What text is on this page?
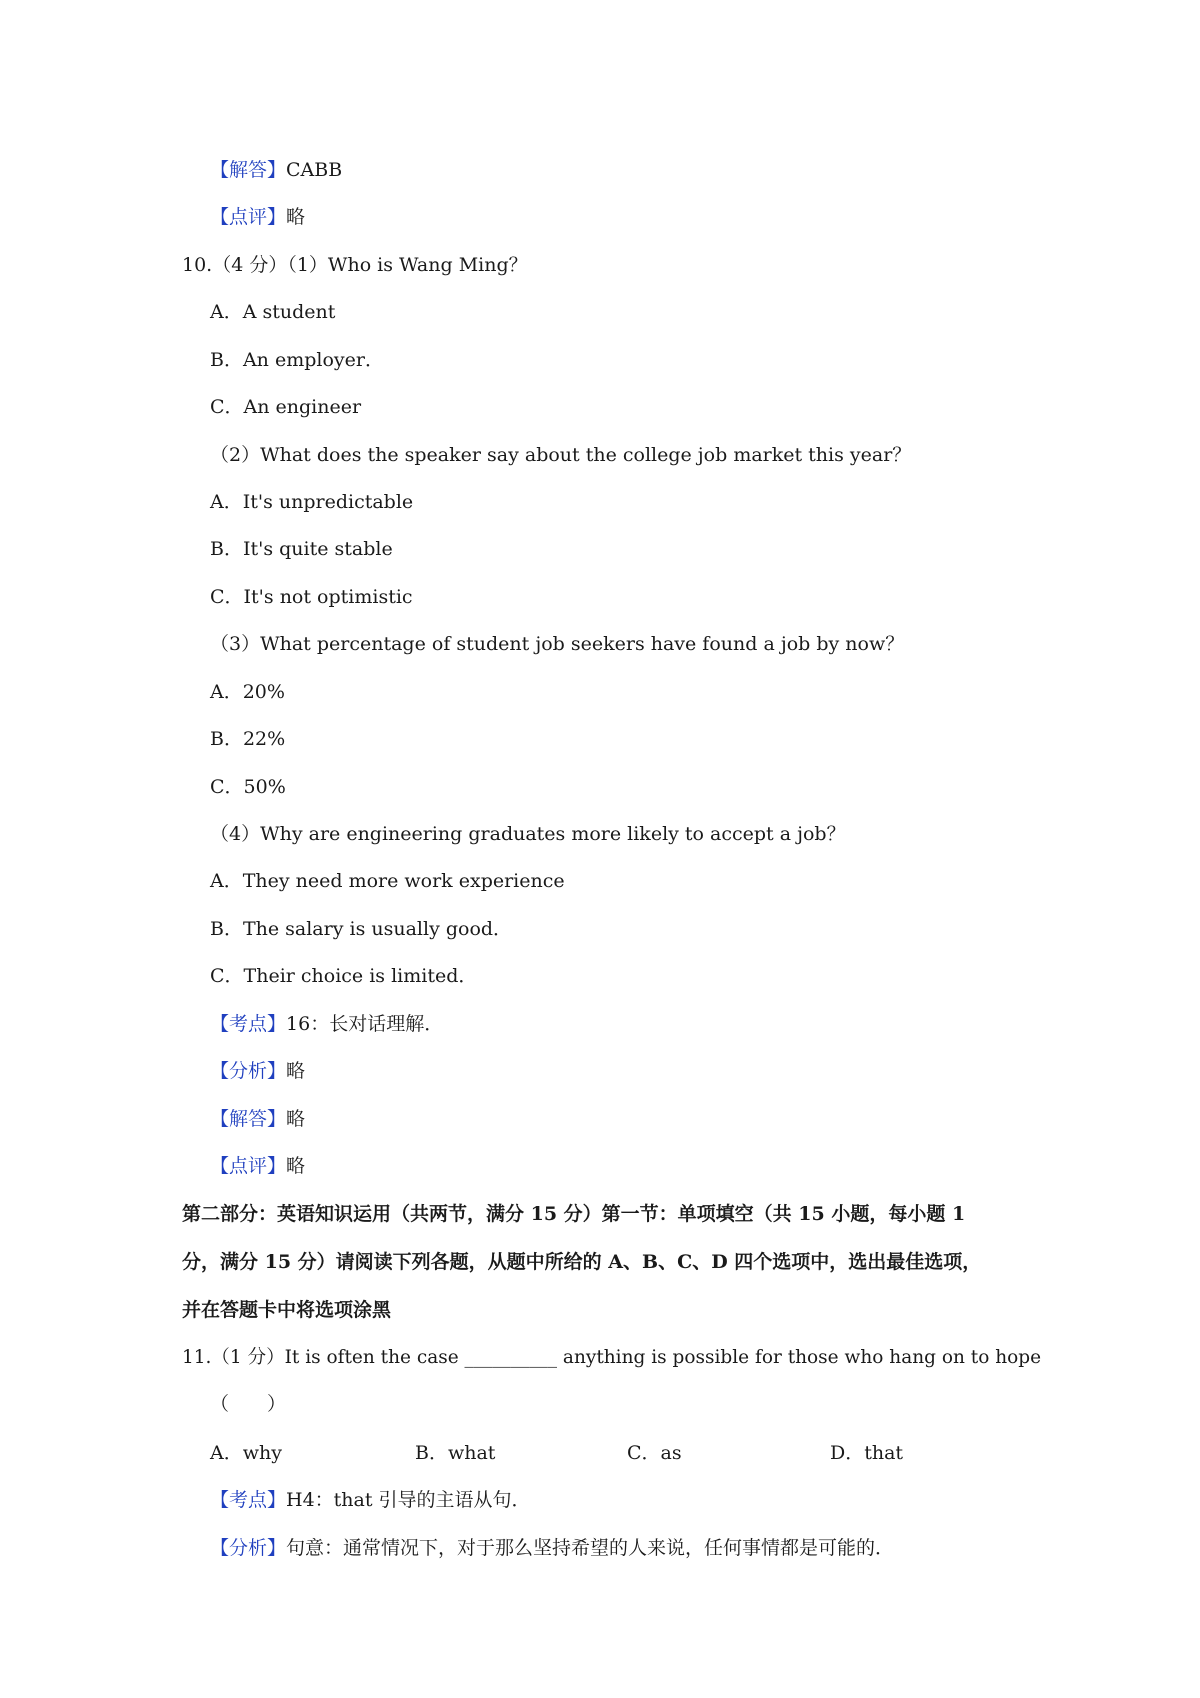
【解答】CABB
【点评】略
10.（4 分）（1）Who is Wang Ming？
A．A student
B．An employer．
C．An engineer
（2）What does the speaker say about the college job market this year？
A．It's unpredictable
B．It's quite stable
C．It's not optimistic
（3）What percentage of student job seekers have found a job by now？
A．20%
B．22%
C．50%
（4）Why are engineering graduates more likely to accept a job？
A．They need more work experience
B．The salary is usually good．
C．Their choice is limited．
【考点】16：长对话理解．
【分析】略
【解答】略
【点评】略
第二部分：英语知识运用（共两节，满分 15 分）第一节：单项填空（共 15 小题，每小题 1
分，满分 15 分）请阅读下列各题，从题中所给的 A、B、C、D 四个选项中，选出最佳选项，
并在答题卡中将选项涂黑
11.（1 分）It is often the case __________ anything is possible for those who hang on to hope
（　　）
A．why	B．what	C．as	D．that
【考点】H4：that 引导的主语从句．
【分析】句意：通常情况下，对于那么坚持希望的人来说，任何事情都是可能的．
